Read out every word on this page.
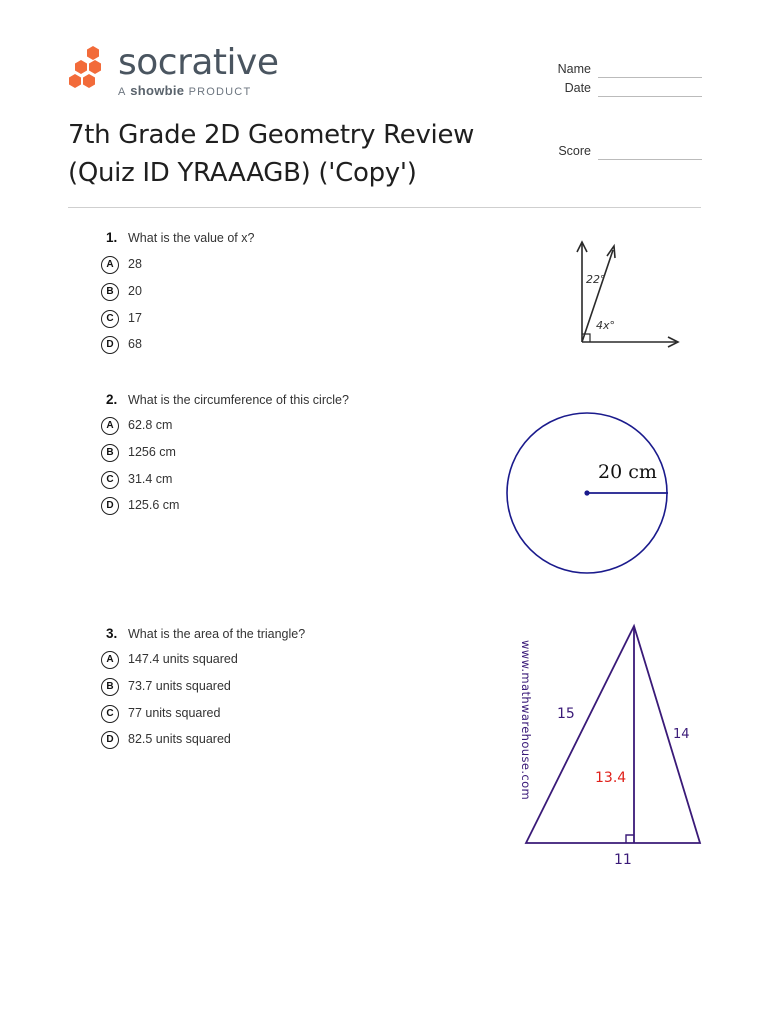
socrative
A showbie PRODUCT
Name
Date
Score
7th Grade 2D Geometry Review
(Quiz ID YRAAAGB) ('Copy')
1. What is the value of x?
A	28
B	20
C	17
D	68
22°
4x°
2. What is the circumference of this circle?
A	62.8 cm
B	1256 cm
C	31.4 cm
D	125.6 cm
20 cm
3. What is the area of the triangle?
A	147.4 units squared
B	73.7 units squared
C	77 units squared
D	82.5 units squared	www.mathwarehouse.com 15
14
13.4
11
